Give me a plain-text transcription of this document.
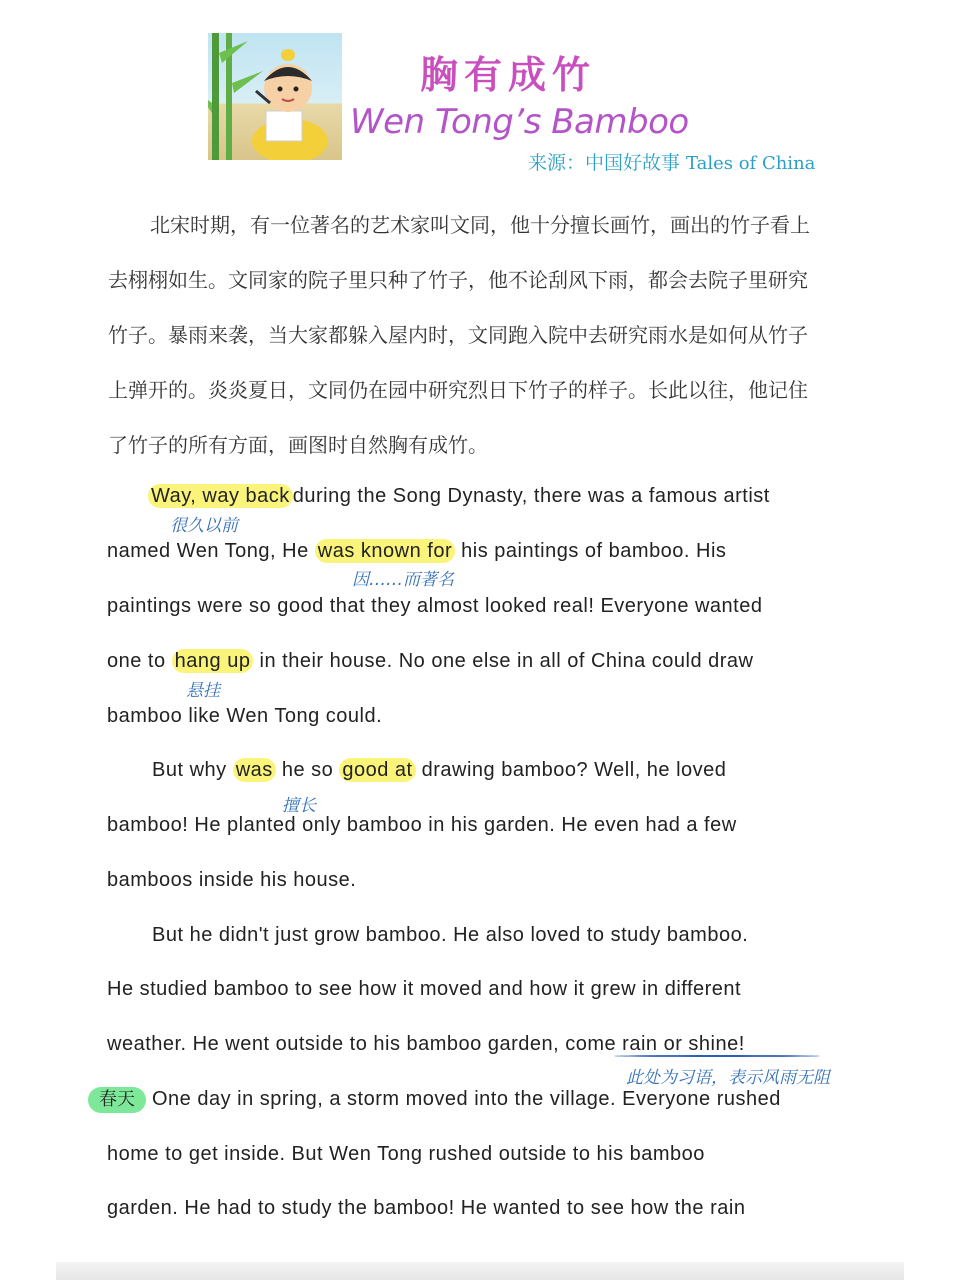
胸有成竹
Wen Tong’s Bamboo
来源：中国好故事 Tales of China
北宋时期，有一位著名的艺术家叫文同，他十分擅长画竹，画出的竹子看上
去栩栩如生。文同家的院子里只种了竹子，他不论刮风下雨，都会去院子里研究
竹子。暴雨来袭，当大家都躲入屋内时，文同跑入院中去研究雨水是如何从竹子
上弹开的。炎炎夏日，文同仍在园中研究烈日下竹子的样子。长此以往，他记住
了竹子的所有方面，画图时自然胸有成竹。
Way, way back during the Song Dynasty, there was a famous artist
很久以前
named Wen Tong, He was known for his paintings of bamboo. His
因……而著名
paintings were so good that they almost looked real! Everyone wanted
one to hang up in their house. No one else in all of China could draw
悬挂
bamboo like Wen Tong could.
But why was he so good at drawing bamboo? Well, he loved
擅长
bamboo! He planted only bamboo in his garden. He even had a few
bamboos inside his house.
But he didn't just grow bamboo. He also loved to study bamboo.
He studied bamboo to see how it moved and how it grew in different
weather. He went outside to his bamboo garden, come rain or shine!
此处为习语，表示风雨无阻
春天 One day in spring, a storm moved into the village. Everyone rushed
home to get inside. But Wen Tong rushed outside to his bamboo
garden. He had to study the bamboo! He wanted to see how the rain
